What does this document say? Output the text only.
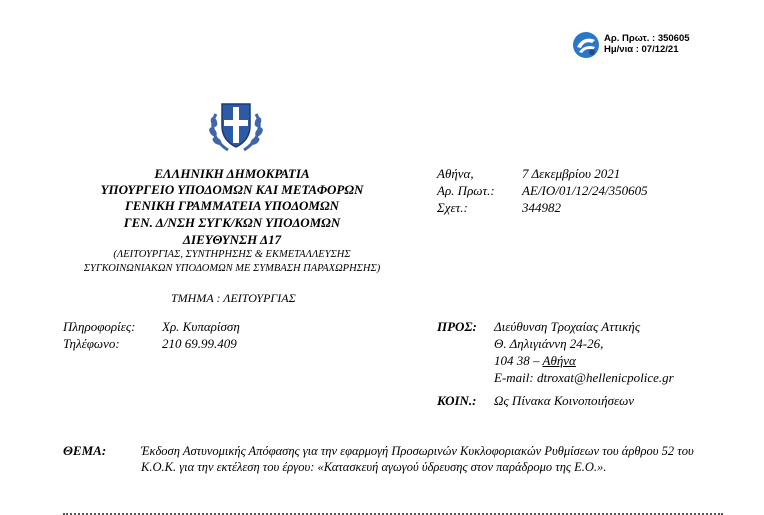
Αρ. Πρωτ. : 350605
Ημ/νια : 07/12/21
ΕΛΛΗΝΙΚΗ ΔΗΜΟΚΡΑΤΙΑ
ΥΠΟΥΡΓΕΙΟ ΥΠΟΔΟΜΩΝ ΚΑΙ ΜΕΤΑΦΟΡΩΝ
ΓΕΝΙΚΗ ΓΡΑΜΜΑΤΕΙΑ ΥΠΟΔΟΜΩΝ
ΓΕΝ. Δ/ΝΣΗ ΣΥΓΚ/ΚΩΝ ΥΠΟΔΟΜΩΝ
ΔΙΕΥΘΥΝΣΗ Δ17
(ΛΕΙΤΟΥΡΓΙΑΣ, ΣΥΝΤΗΡΗΣΗΣ & ΕΚΜΕΤΑΛΛΕΥΣΗΣ
ΣΥΓΚΟΙΝΩΝΙΑΚΩΝ ΥΠΟΔΟΜΩΝ ΜΕ ΣΥΜΒΑΣΗ ΠΑΡΑΧΩΡΗΣΗΣ)
ΤΜΗΜΑ : ΛΕΙΤΟΥΡΓΙΑΣ
Αθήνα,	7 Δεκεμβρίου 2021
Αρ. Πρωτ.: ΑΕ/ΙΟ/01/12/24/350605
Σχετ.:	344982
Πληροφορίες: Χρ. Κυπαρίσση
Τηλέφωνο:	210 69.99.409
ΠΡΟΣ: Διεύθυνση Τροχαίας Αττικής
Θ. Δηλιγιάννη 24-26,
104 38 – Αθήνα
E-mail: dtroxat@hellenicpolice.gr
ΚΟΙΝ.: Ως Πίνακα Κοινοποιήσεων
ΘΕΜΑ:	Έκδοση Αστυνομικής Απόφασης για την εφαρμογή Προσωρινών Κυκλοφοριακών Ρυθμίσεων του άρθρου 52 του Κ.Ο.Κ. για την εκτέλεση του έργου: «Κατασκευή αγωγού ύδρευσης στον παράδρομο της Ε.Ο.».
